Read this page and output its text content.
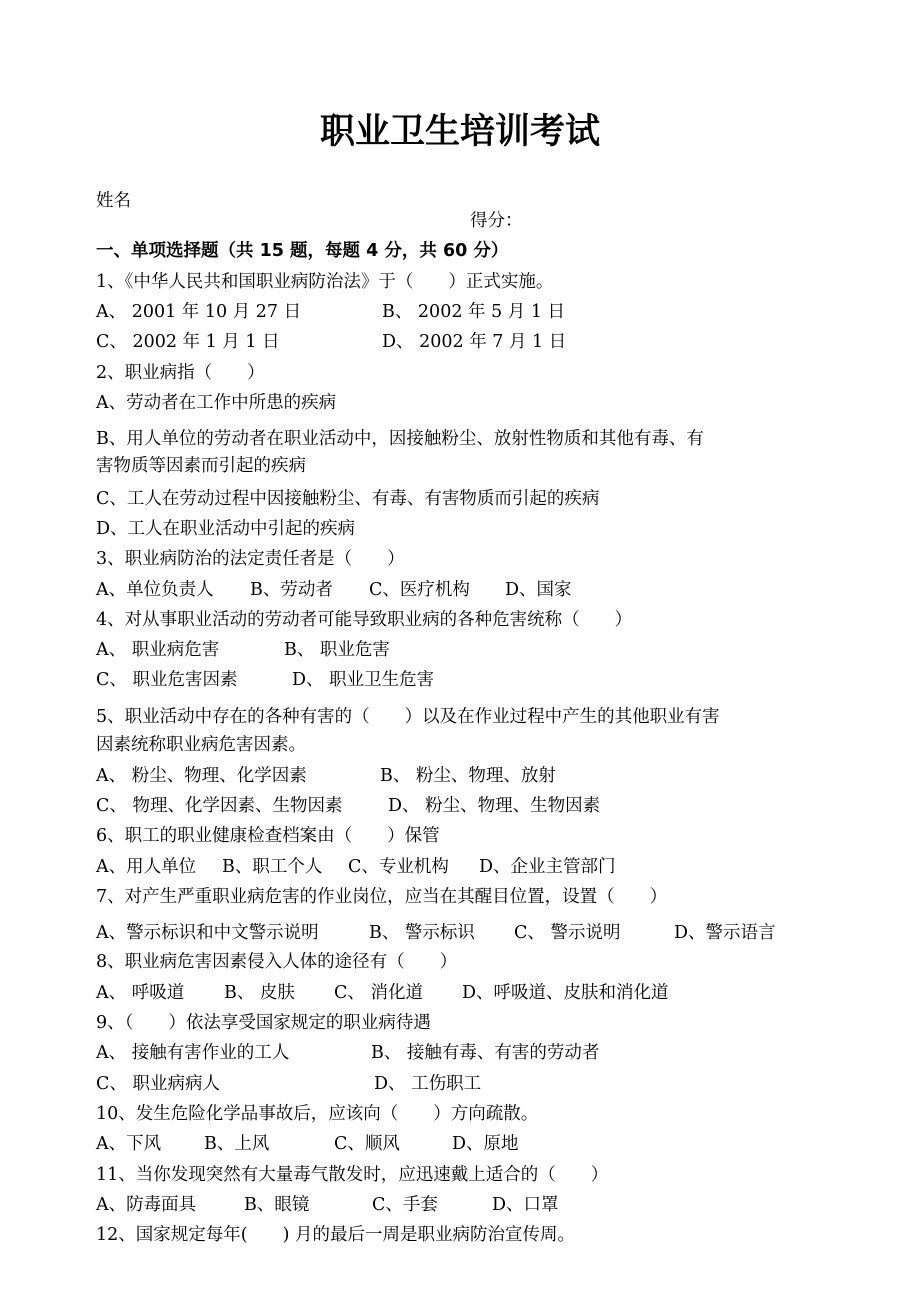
职业卫生培训考试
姓名
得分：
一、单项选择题（共 15 题，每题 4 分，共 60 分）
1、《中华人民共和国职业病防治法》于（　　）正式实施。
A、 2001 年 10 月 27 日	B、 2002 年 5 月 1 日
C、 2002 年 1 月 1 日	D、 2002 年 7 月 1 日
2、职业病指（　　）
A、劳动者在工作中所患的疾病
B、用人单位的劳动者在职业活动中，因接触粉尘、放射性物质和其他有毒、有
害物质等因素而引起的疾病
C、工人在劳动过程中因接触粉尘、有毒、有害物质而引起的疾病
D、工人在职业活动中引起的疾病
3、职业病防治的法定责任者是（　　）
A、单位负责人 B、劳动者 C、医疗机构 D、国家
4、对从事职业活动的劳动者可能导致职业病的各种危害统称（　　）
A、 职业病危害	B、 职业危害
C、 职业危害因素	D、 职业卫生危害
5、职业活动中存在的各种有害的（　　）以及在作业过程中产生的其他职业有害
因素统称职业病危害因素。
A、 粉尘、物理、化学因素	B、 粉尘、物理、放射
C、 物理、化学因素、生物因素	D、 粉尘、物理、生物因素
6、职工的职业健康检查档案由（　　）保管
A、用人单位 B、职工个人 C、专业机构 D、企业主管部门
7、对产生严重职业病危害的作业岗位，应当在其醒目位置，设置（　　）
A、警示标识和中文警示说明	B、 警示标识 C、 警示说明	D、警示语言
8、职业病危害因素侵入人体的途径有（　　）
A、 呼吸道 B、 皮肤 C、 消化道 D、呼吸道、皮肤和消化道
9、（　　）依法享受国家规定的职业病待遇
A、 接触有害作业的工人	B、 接触有毒、有害的劳动者
C、 职业病病人	D、 工伤职工
10、发生危险化学品事故后，应该向（　　）方向疏散。
A、下风 B、上风	C、顺风	D、原地
11、当你发现突然有大量毒气散发时，应迅速戴上适合的（　　）
A、防毒面具	B、眼镜	C、手套	D、口罩
12、国家规定每年(　　) 月的最后一周是职业病防治宣传周。
